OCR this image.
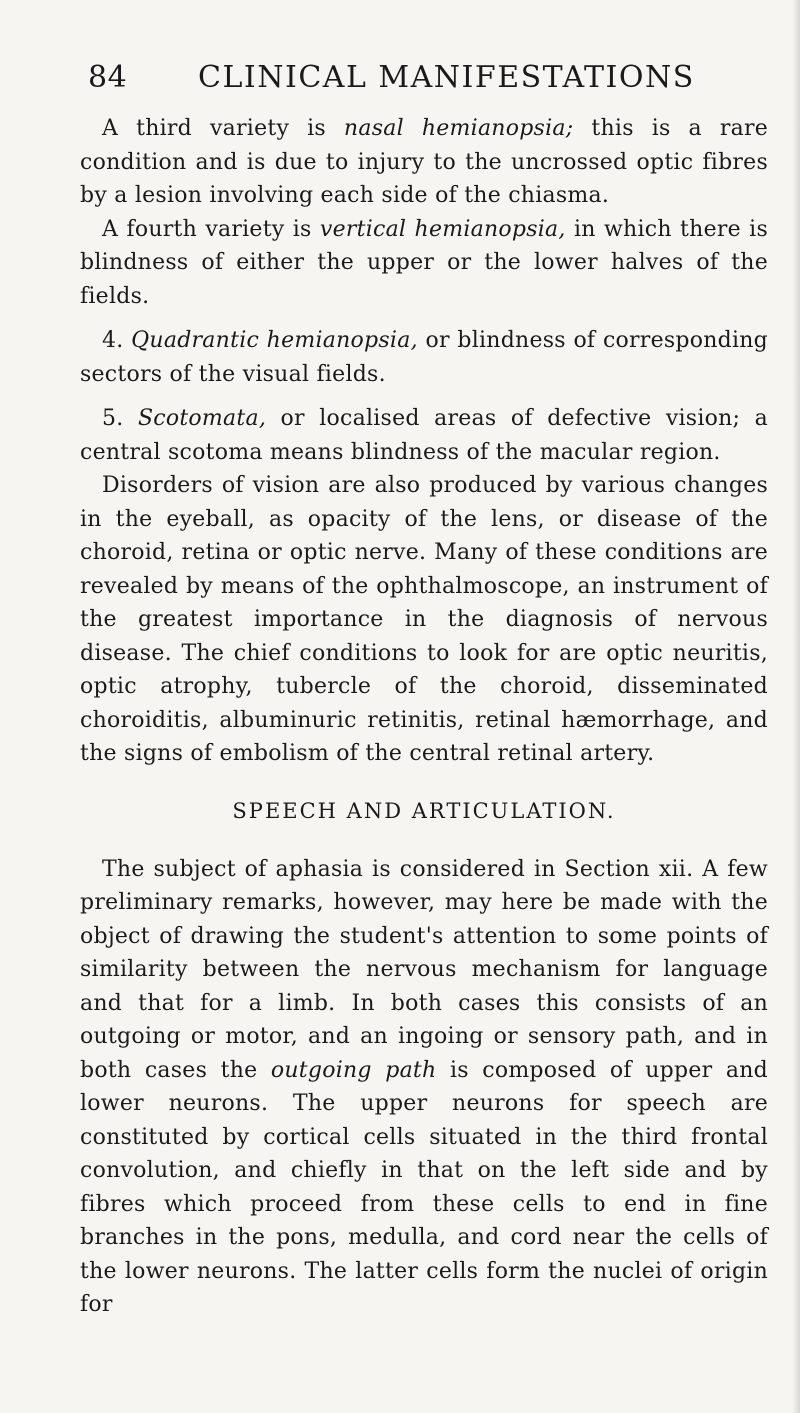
84 CLINICAL MANIFESTATIONS

A third variety is nasal hemianopsia; this is a rare condition and is due to injury to the uncrossed optic fibres by a lesion involving each side of the chiasma.

A fourth variety is vertical hemianopsia, in which there is blindness of either the upper or the lower halves of the fields.

4. Quadrantic hemianopsia, or blindness of corresponding sectors of the visual fields.

5. Scotomata, or localised areas of defective vision; a central scotoma means blindness of the macular region.

Disorders of vision are also produced by various changes in the eyeball, as opacity of the lens, or disease of the choroid, retina or optic nerve. Many of these conditions are revealed by means of the ophthalmoscope, an instrument of the greatest importance in the diagnosis of nervous disease. The chief conditions to look for are optic neuritis, optic atrophy, tubercle of the choroid, disseminated choroiditis, albuminuric retinitis, retinal hæmorrhage, and the signs of embolism of the central retinal artery.

SPEECH AND ARTICULATION.

The subject of aphasia is considered in Section xii. A few preliminary remarks, however, may here be made with the object of drawing the student's attention to some points of similarity between the nervous mechanism for language and that for a limb. In both cases this consists of an outgoing or motor, and an ingoing or sensory path, and in both cases the outgoing path is composed of upper and lower neurons. The upper neurons for speech are constituted by cortical cells situated in the third frontal convolution, and chiefly in that on the left side and by fibres which proceed from these cells to end in fine branches in the pons, medulla, and cord near the cells of the lower neurons. The latter cells form the nuclei of origin for
